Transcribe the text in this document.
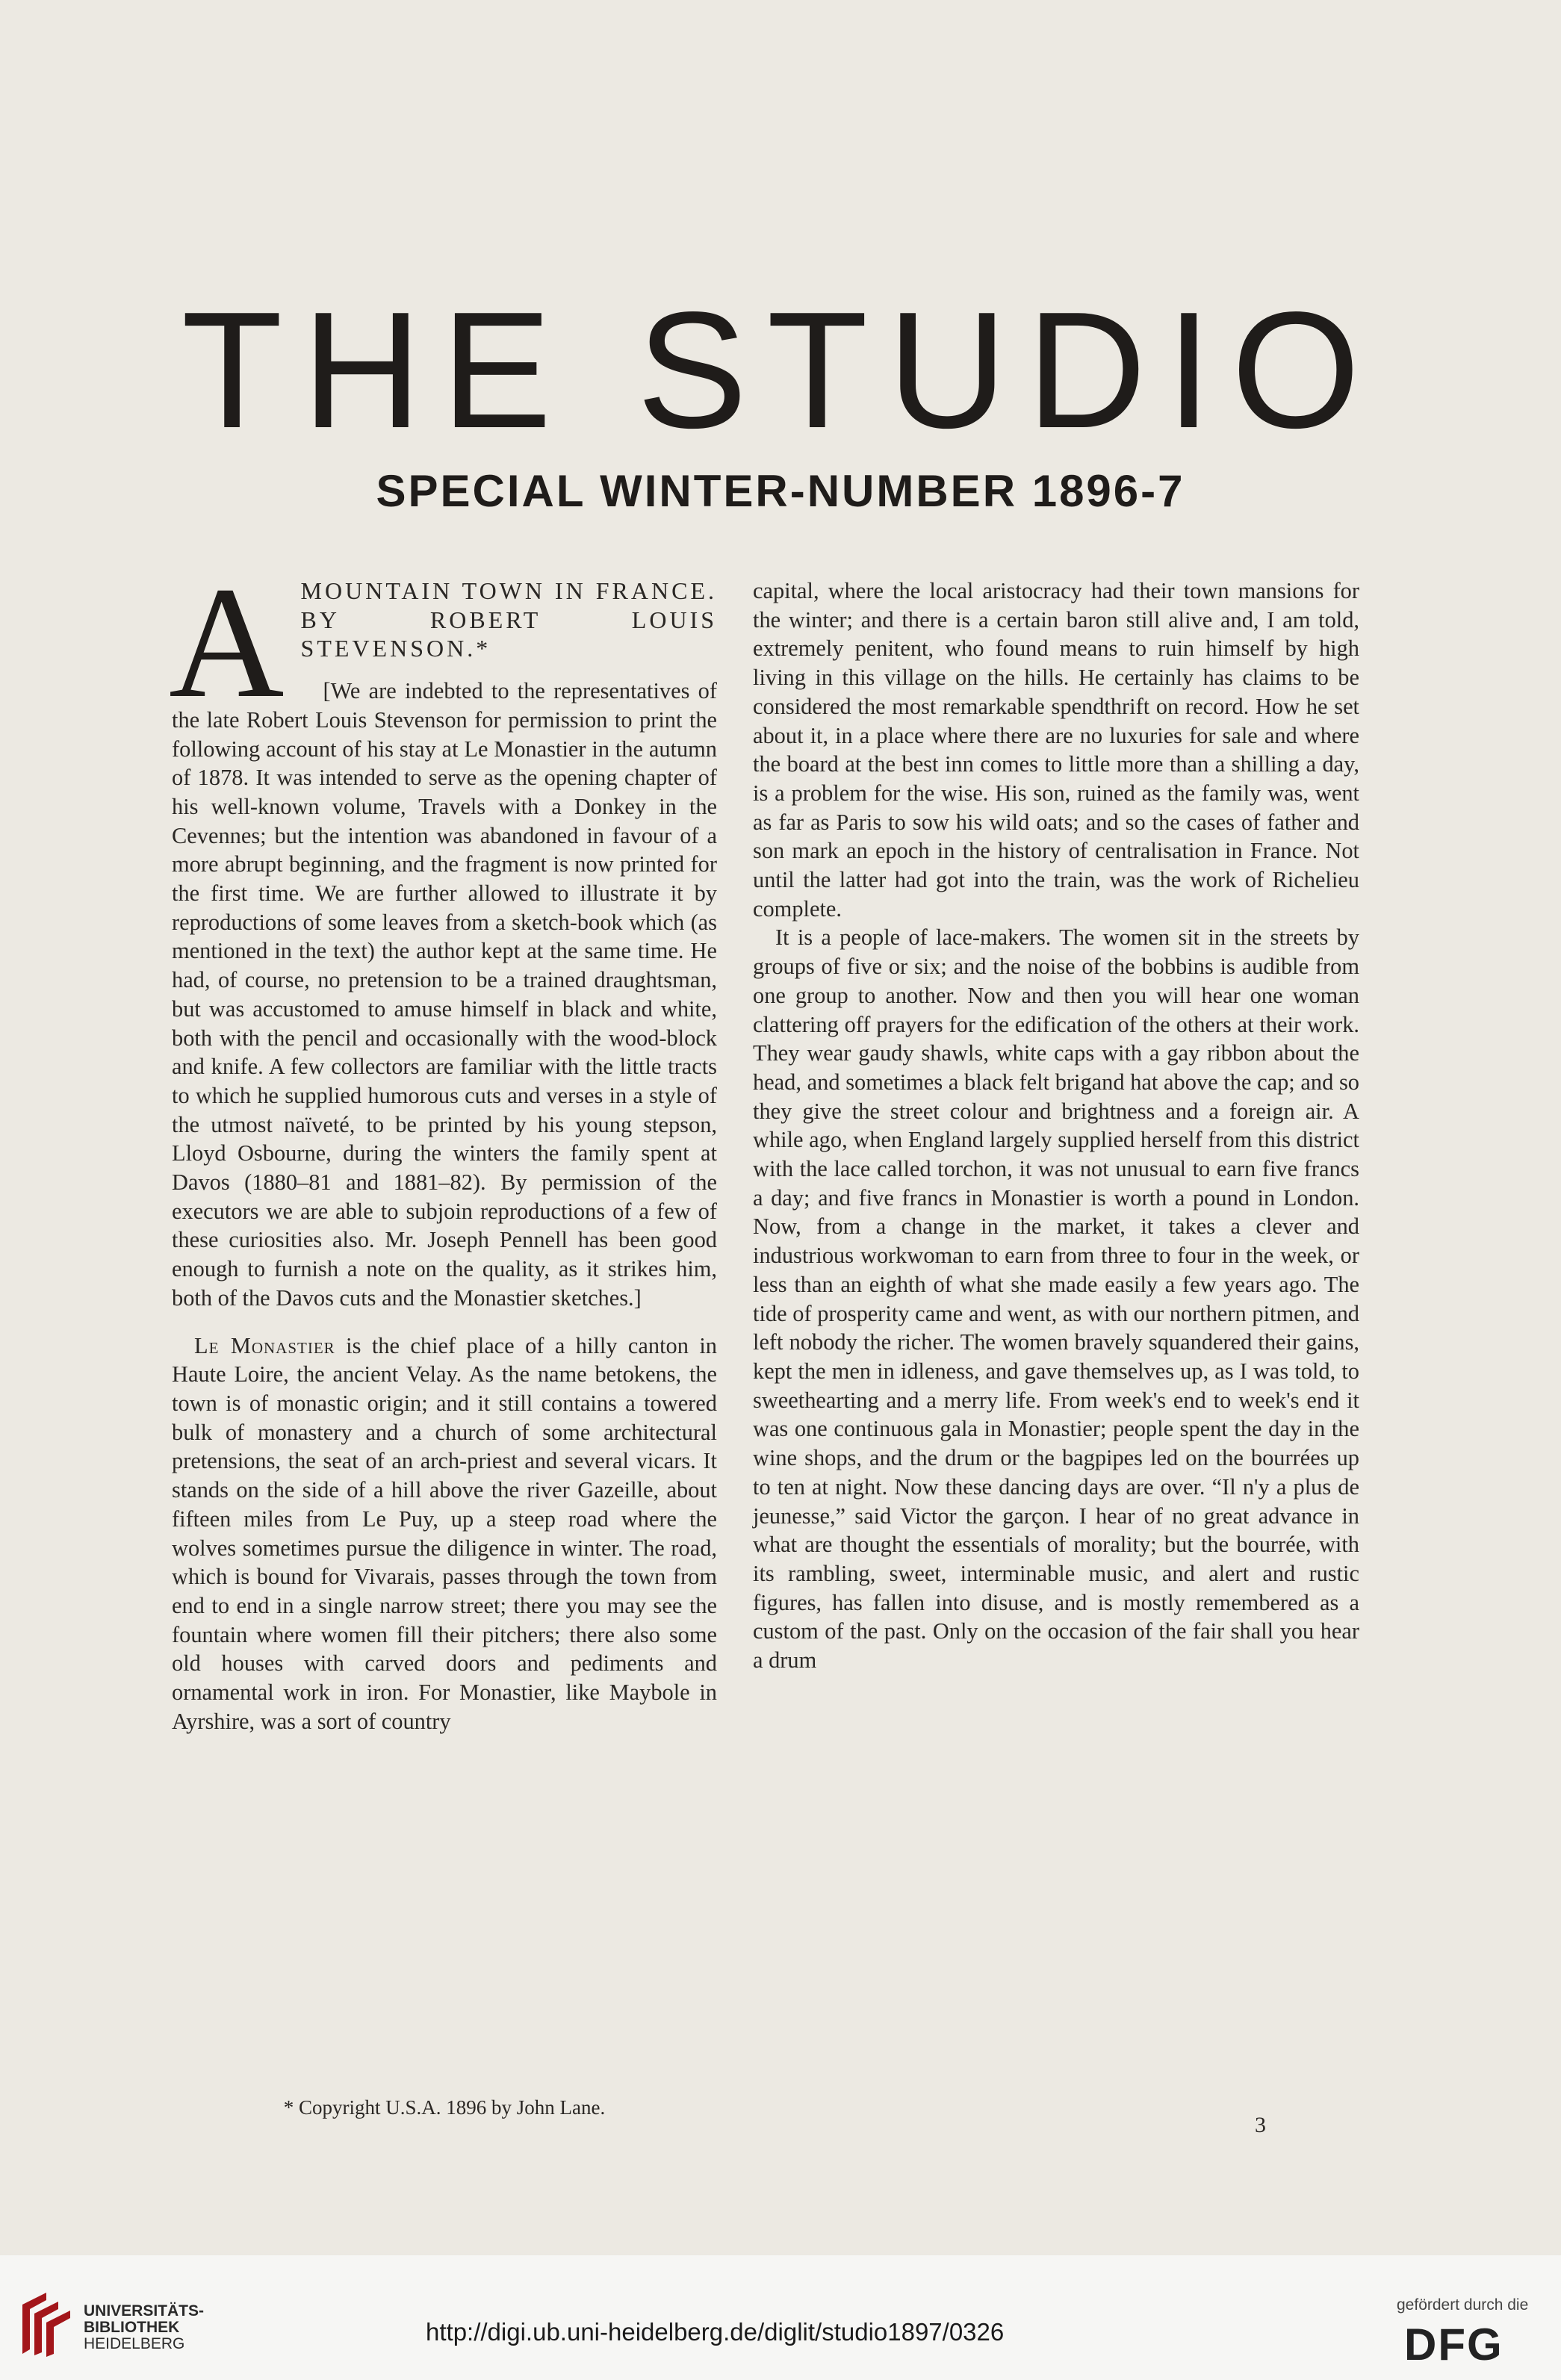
THE STUDIO
SPECIAL WINTER-NUMBER 1896-7
A MOUNTAIN TOWN IN FRANCE. BY ROBERT LOUIS STEVENSON.*

[We are indebted to the representatives of the late Robert Louis Stevenson for permission to print the following account of his stay at Le Monastier in the autumn of 1878. It was intended to serve as the opening chapter of his well-known volume, Travels with a Donkey in the Cevennes; but the intention was abandoned in favour of a more abrupt beginning, and the fragment is now printed for the first time. We are further allowed to illustrate it by reproductions of some leaves from a sketch-book which (as mentioned in the text) the author kept at the same time. He had, of course, no pretension to be a trained draughtsman, but was accustomed to amuse himself in black and white, both with the pencil and occasionally with the wood-block and knife. A few collectors are familiar with the little tracts to which he supplied humorous cuts and verses in a style of the utmost naïveté, to be printed by his young stepson, Lloyd Osbourne, during the winters the family spent at Davos (1880–81 and 1881–82). By permission of the executors we are able to subjoin reproductions of a few of these curiosities also. Mr. Joseph Pennell has been good enough to furnish a note on the quality, as it strikes him, both of the Davos cuts and the Monastier sketches.]

Le Monastier is the chief place of a hilly canton in Haute Loire, the ancient Velay. As the name betokens, the town is of monastic origin; and it still contains a towered bulk of monastery and a church of some architectural pretensions, the seat of an arch-priest and several vicars. It stands on the side of a hill above the river Gazeille, about fifteen miles from Le Puy, up a steep road where the wolves sometimes pursue the diligence in winter. The road, which is bound for Vivarais, passes through the town from end to end in a single narrow street; there you may see the fountain where women fill their pitchers; there also some old houses with carved doors and pediments and ornamental work in iron. For Monastier, like Maybole in Ayrshire, was a sort of country

capital, where the local aristocracy had their town mansions for the winter; and there is a certain baron still alive and, I am told, extremely penitent, who found means to ruin himself by high living in this village on the hills. He certainly has claims to be considered the most remarkable spendthrift on record. How he set about it, in a place where there are no luxuries for sale and where the board at the best inn comes to little more than a shilling a day, is a problem for the wise. His son, ruined as the family was, went as far as Paris to sow his wild oats; and so the cases of father and son mark an epoch in the history of centralisation in France. Not until the latter had got into the train, was the work of Richelieu complete.

It is a people of lace-makers. The women sit in the streets by groups of five or six; and the noise of the bobbins is audible from one group to another. Now and then you will hear one woman clattering off prayers for the edification of the others at their work. They wear gaudy shawls, white caps with a gay ribbon about the head, and sometimes a black felt brigand hat above the cap; and so they give the street colour and brightness and a foreign air. A while ago, when England largely supplied herself from this district with the lace called torchon, it was not unusual to earn five francs a day; and five francs in Monastier is worth a pound in London. Now, from a change in the market, it takes a clever and industrious workwoman to earn from three to four in the week, or less than an eighth of what she made easily a few years ago. The tide of prosperity came and went, as with our northern pitmen, and left nobody the richer. The women bravely squandered their gains, kept the men in idleness, and gave themselves up, as I was told, to sweethearting and a merry life. From week's end to week's end it was one continuous gala in Monastier; people spent the day in the wine shops, and the drum or the bagpipes led on the bourrées up to ten at night. Now these dancing days are over. “Il n'y a plus de jeunesse,” said Victor the garçon. I hear of no great advance in what are thought the essentials of morality; but the bourrée, with its rambling, sweet, interminable music, and alert and rustic figures, has fallen into disuse, and is mostly remembered as a custom of the past. Only on the occasion of the fair shall you hear a drum

* Copyright U.S.A. 1896 by John Lane.

3

UNIVERSITÄTS-
BIBLIOTHEK
HEIDELBERG	http://digi.ub.uni-heidelberg.de/diglit/studio1897/0326

gefördert durch die

DFG
